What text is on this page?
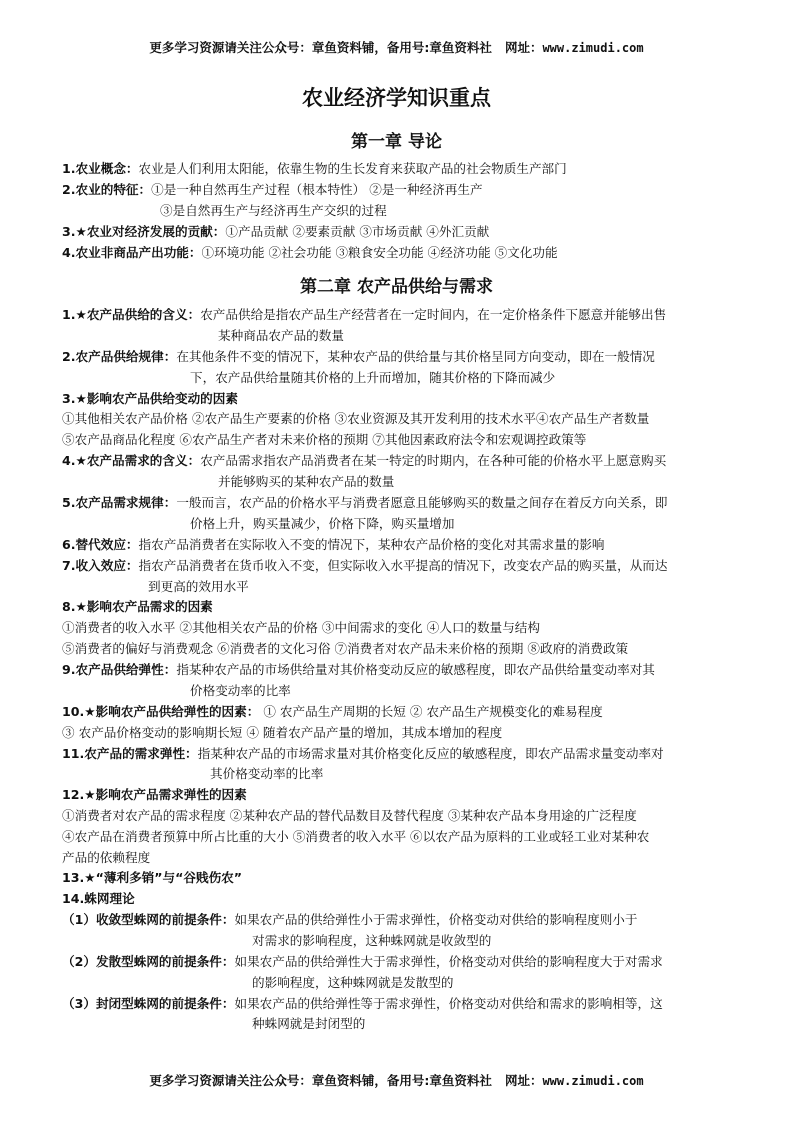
更多学习资源请关注公众号：章鱼资料铺，备用号:章鱼资料社 网址：www.zimudi.com
农业经济学知识重点
第一章 导论
1.农业概念：农业是人们利用太阳能，依靠生物的生长发育来获取产品的社会物质生产部门
2.农业的特征：①是一种自然再生产过程（根本特性） ②是一种经济再生产
③是自然再生产与经济再生产交织的过程
3.★农业对经济发展的贡献：①产品贡献 ②要素贡献 ③市场贡献 ④外汇贡献
4.农业非商品产出功能：①环境功能 ②社会功能 ③粮食安全功能 ④经济功能 ⑤文化功能
第二章 农产品供给与需求
1.★农产品供给的含义：农产品供给是指农产品生产经营者在一定时间内，在一定价格条件下愿意并能够出售
某种商品农产品的数量
2.农产品供给规律：在其他条件不变的情况下，某种农产品的供给量与其价格呈同方向变动，即在一般情况
下，农产品供给量随其价格的上升而增加，随其价格的下降而减少
3.★影响农产品供给变动的因素
①其他相关农产品价格 ②农产品生产要素的价格 ③农业资源及其开发利用的技术水平④农产品生产者数量
⑤农产品商品化程度 ⑥农产品生产者对未来价格的预期 ⑦其他因素政府法令和宏观调控政策等
4.★农产品需求的含义：农产品需求指农产品消费者在某一特定的时期内，在各种可能的价格水平上愿意购买
并能够购买的某种农产品的数量
5.农产品需求规律：一般而言，农产品的价格水平与消费者愿意且能够购买的数量之间存在着反方向关系，即
价格上升，购买量减少，价格下降，购买量增加
6.替代效应：指农产品消费者在实际收入不变的情况下，某种农产品价格的变化对其需求量的影响
7.收入效应：指农产品消费者在货币收入不变，但实际收入水平提高的情况下，改变农产品的购买量，从而达
到更高的效用水平
8.★影响农产品需求的因素
①消费者的收入水平 ②其他相关农产品的价格 ③中间需求的变化 ④人口的数量与结构
⑤消费者的偏好与消费观念 ⑥消费者的文化习俗 ⑦消费者对农产品未来价格的预期 ⑧政府的消费政策
9.农产品供给弹性：指某种农产品的市场供给量对其价格变动反应的敏感程度，即农产品供给量变动率对其
价格变动率的比率
10.★影响农产品供给弹性的因素： ① 农产品生产周期的长短 ② 农产品生产规模变化的难易程度
③ 农产品价格变动的影响期长短 ④ 随着农产品产量的增加，其成本增加的程度
11.农产品的需求弹性：指某种农产品的市场需求量对其价格变化反应的敏感程度，即农产品需求量变动率对
其价格变动率的比率
12.★影响农产品需求弹性的因素
①消费者对农产品的需求程度 ②某种农产品的替代品数目及替代程度 ③某种农产品本身用途的广泛程度
④农产品在消费者预算中所占比重的大小 ⑤消费者的收入水平 ⑥以农产品为原料的工业或轻工业对某种农
产品的依赖程度
13.★“薄利多销”与“谷贱伤农”
14.蛛网理论
（1）收敛型蛛网的前提条件：如果农产品的供给弹性小于需求弹性，价格变动对供给的影响程度则小于
对需求的影响程度，这种蛛网就是收敛型的
（2）发散型蛛网的前提条件：如果农产品的供给弹性大于需求弹性，价格变动对供给的影响程度大于对需求
的影响程度，这种蛛网就是发散型的
（3）封闭型蛛网的前提条件：如果农产品的供给弹性等于需求弹性，价格变动对供给和需求的影响相等，这
种蛛网就是封闭型的
更多学习资源请关注公众号：章鱼资料铺，备用号:章鱼资料社 网址：www.zimudi.com
